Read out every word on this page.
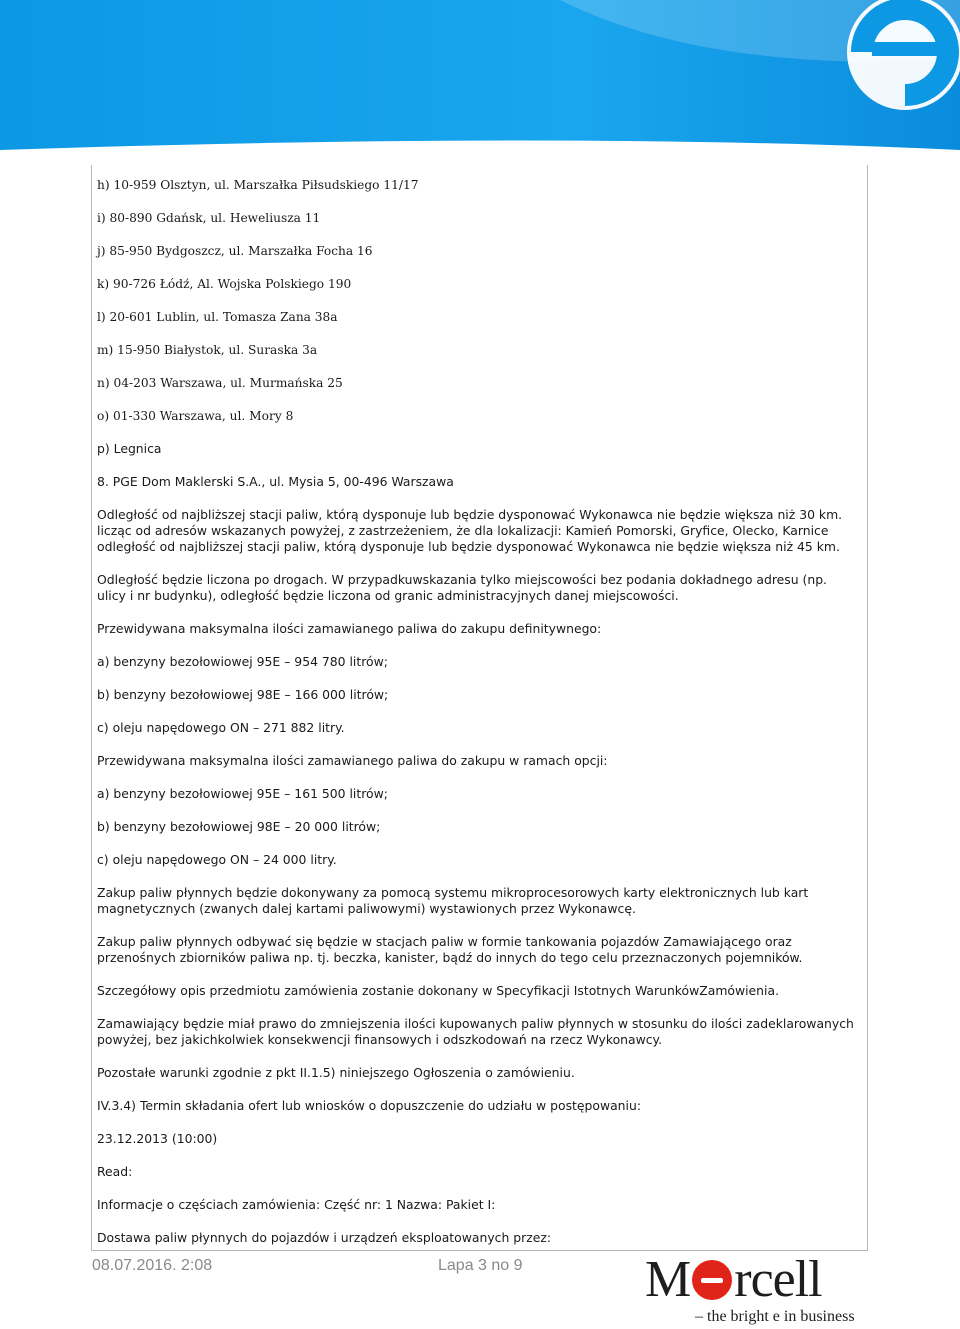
h) 10-959 Olsztyn, ul. Marszałka Piłsudskiego 11/17

i) 80-890 Gdańsk, ul. Heweliusza 11

j) 85-950 Bydgoszcz, ul. Marszałka Focha 16

k) 90-726 Łódź, Al. Wojska Polskiego 190

l) 20-601 Lublin, ul. Tomasza Zana 38a

m) 15-950 Białystok, ul. Suraska 3a

n) 04-203 Warszawa, ul. Murmańska 25

o) 01-330 Warszawa, ul. Mory 8

p) Legnica

8. PGE Dom Maklerski S.A., ul. Mysia 5, 00-496 Warszawa

Odległość od najbliższej stacji paliw, którą dysponuje lub będzie dysponować Wykonawca nie będzie większa niż 30 km. licząc od adresów wskazanych powyżej, z zastrzeżeniem, że dla lokalizacji: Kamień Pomorski, Gryfice, Olecko, Karnice odległość od najbliższej stacji paliw, którą dysponuje lub będzie dysponować Wykonawca nie będzie większa niż 45 km.

Odległość będzie liczona po drogach. W przypadkuwskazania tylko miejscowości bez podania dokładnego adresu (np. ulicy i nr budynku), odległość będzie liczona od granic administracyjnych danej miejscowości.

Przewidywana maksymalna ilości zamawianego paliwa do zakupu definitywnego:

a) benzyny bezołowiowej 95E – 954 780 litrów;

b) benzyny bezołowiowej 98E – 166 000 litrów;

c) oleju napędowego ON – 271 882 litry.

Przewidywana maksymalna ilości zamawianego paliwa do zakupu w ramach opcji:

a) benzyny bezołowiowej 95E – 161 500 litrów;

b) benzyny bezołowiowej 98E – 20 000 litrów;

c) oleju napędowego ON – 24 000 litry.

Zakup paliw płynnych będzie dokonywany za pomocą systemu mikroprocesorowych karty elektronicznych lub kart magnetycznych (zwanych dalej kartami paliwowymi) wystawionych przez Wykonawcę.

Zakup paliw płynnych odbywać się będzie w stacjach paliw w formie tankowania pojazdów Zamawiającego oraz przenośnych zbiorników paliwa np. tj. beczka, kanister, bądź do innych do tego celu przeznaczonych pojemników.

Szczegółowy opis przedmiotu zamówienia zostanie dokonany w Specyfikacji Istotnych WarunkówZamówienia.

Zamawiający będzie miał prawo do zmniejszenia ilości kupowanych paliw płynnych w stosunku do ilości zadeklarowanych powyżej, bez jakichkolwiek konsekwencji finansowych i odszkodowań na rzecz Wykonawcy.

Pozostałe warunki zgodnie z pkt II.1.5) niniejszego Ogłoszenia o zamówieniu.

IV.3.4) Termin składania ofert lub wniosków o dopuszczenie do udziału w postępowaniu:

23.12.2013 (10:00)

Read:

Informacje o częściach zamówienia: Część nr: 1 Nazwa: Pakiet I:

Dostawa paliw płynnych do pojazdów i urządzeń eksploatowanych przez:

08.07.2016. 2:08	Lapa 3 no 9 M rcell
– the bright e in business
